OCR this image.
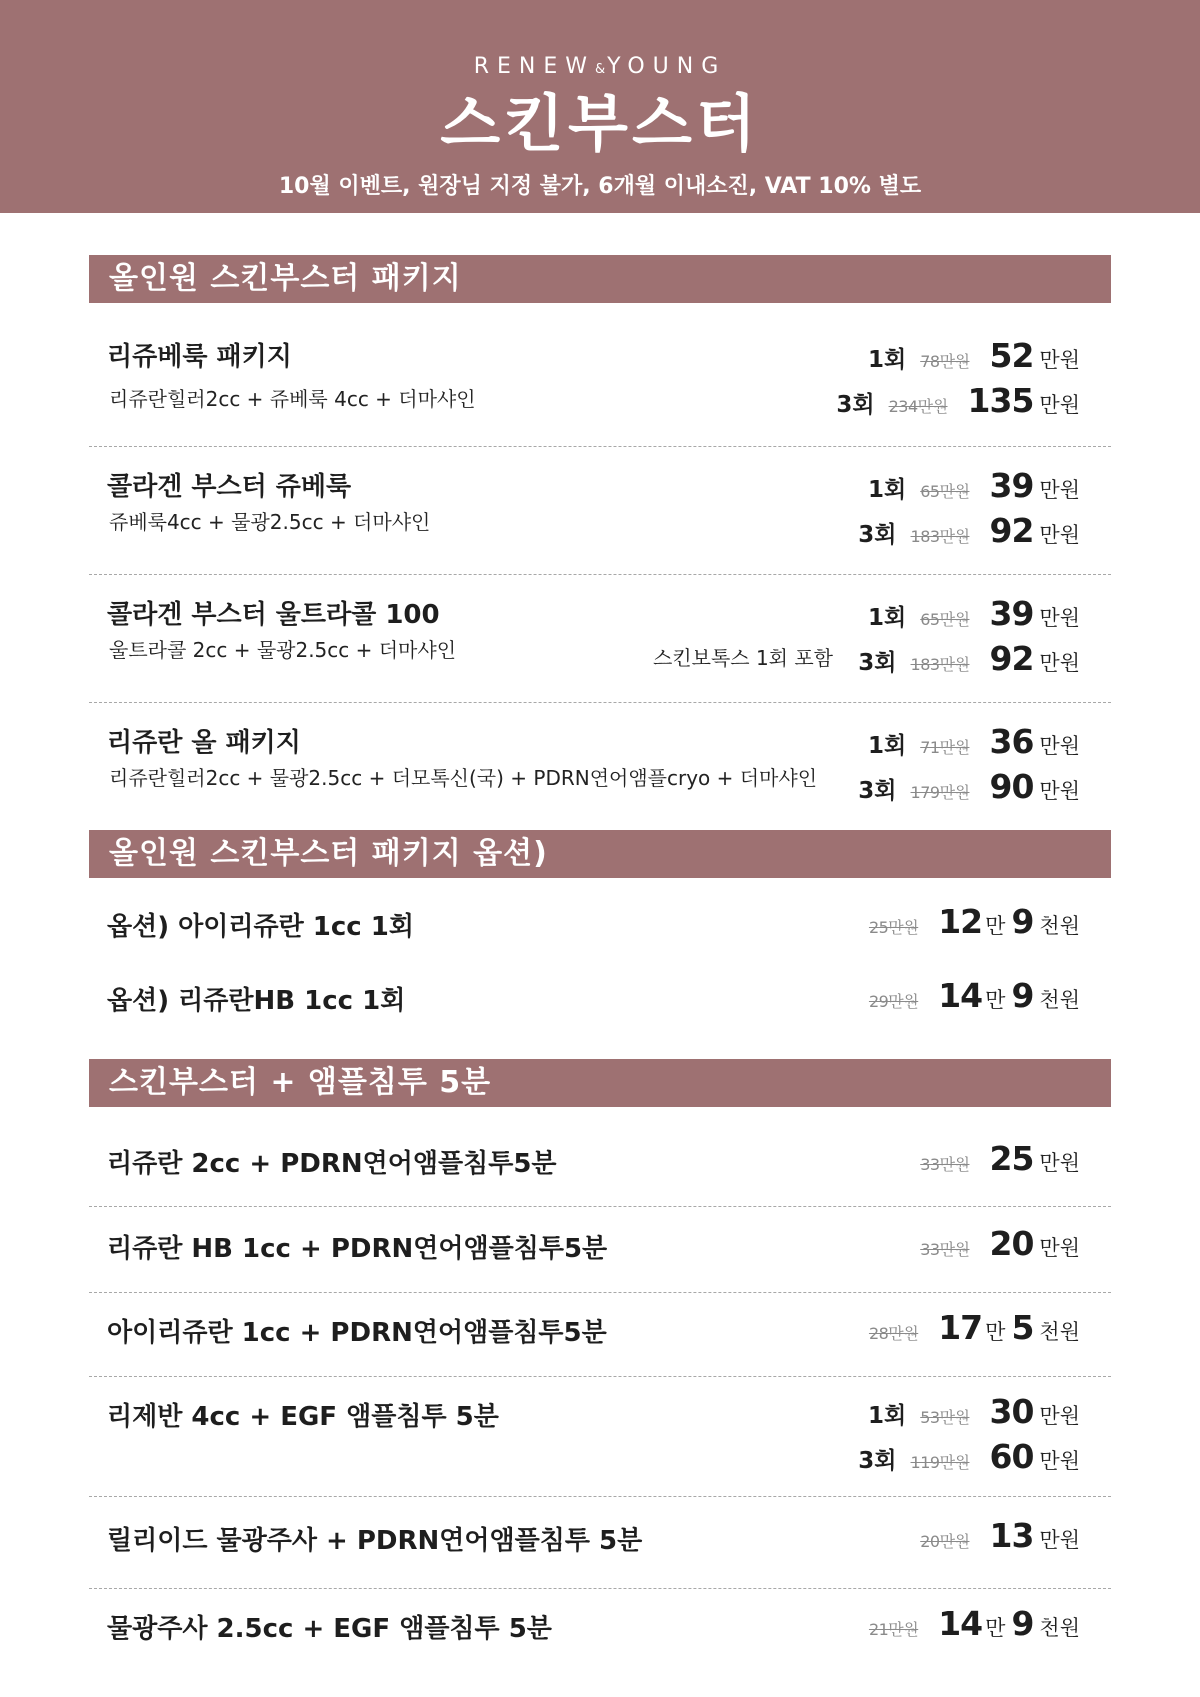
RENEW&YOUNG
스킨부스터
10월 이벤트, 원장님 지정 불가, 6개월 이내소진, VAT 10% 별도
올인원 스킨부스터 패키지
리쥬베룩 패키지
리쥬란힐러2cc + 쥬베룩 4cc + 더마샤인
1회 78만원 52 만원
3회 234만원 135 만원
콜라겐 부스터 쥬베룩
쥬베룩4cc + 물광2.5cc + 더마샤인
1회 65만원 39 만원
3회 183만원 92 만원
콜라겐 부스터 울트라콜 100
울트라콜 2cc + 물광2.5cc + 더마샤인	스킨보톡스 1회 포함
1회 65만원 39 만원
3회 183만원 92 만원
리쥬란 올 패키지
리쥬란힐러2cc + 물광2.5cc + 더모톡신(국) + PDRN연어앰플cryo + 더마샤인
1회 71만원 36 만원
3회 179만원 90 만원
올인원 스킨부스터 패키지 옵션)
옵션) 아이리쥬란 1cc 1회	25만원 12 만 9 천원
옵션) 리쥬란HB 1cc 1회	29만원 14 만 9 천원
스킨부스터 + 앰플침투 5분
리쥬란 2cc + PDRN연어앰플침투5분	33만원 25 만원
리쥬란 HB 1cc + PDRN연어앰플침투5분	33만원 20 만원
아이리쥬란 1cc + PDRN연어앰플침투5분	28만원 17 만 5 천원
리제반 4cc + EGF 앰플침투 5분	1회 53만원 30 만원
3회 119만원 60 만원
릴리이드 물광주사 + PDRN연어앰플침투 5분	20만원 13 만원
물광주사 2.5cc + EGF 앰플침투 5분	21만원 14 만 9 천원
